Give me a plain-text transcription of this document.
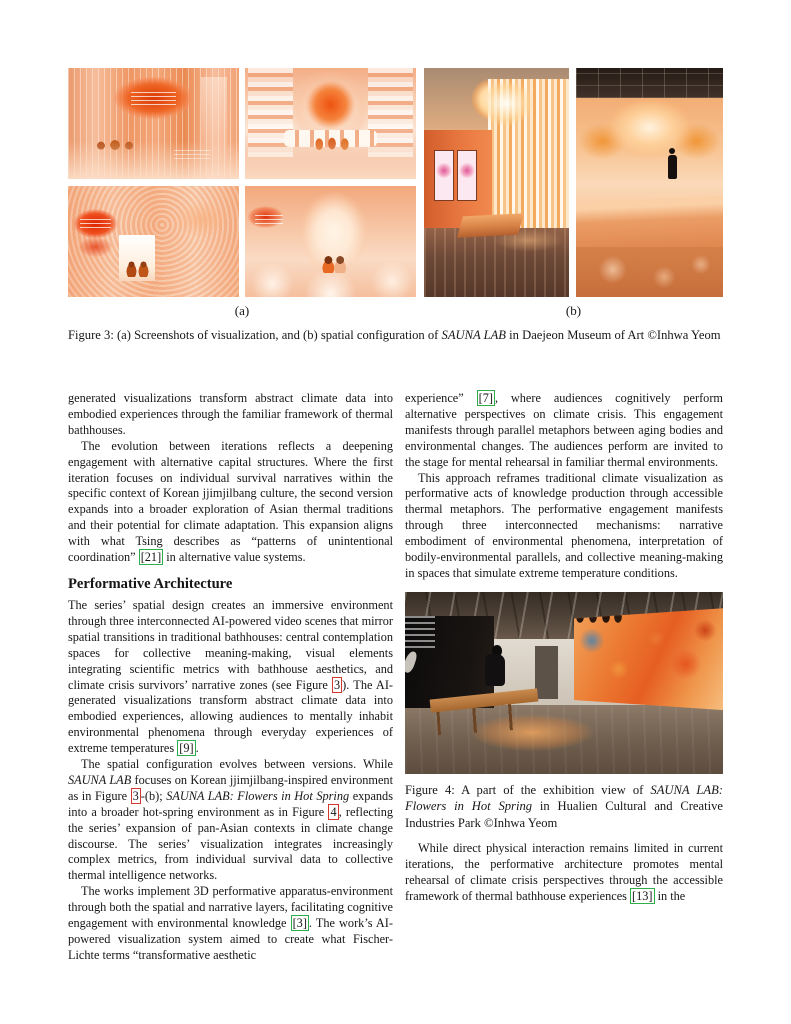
(a)	(b)
Figure 3: (a) Screenshots of visualization, and (b) spatial configuration of SAUNA LAB in Daejeon Museum of Art ©Inhwa Yeom

generated visualizations transform abstract climate data into embodied experiences through the familiar framework of thermal bathhouses.

The evolution between iterations reflects a deepening engagement with alternative capital structures. Where the first iteration focuses on individual survival narratives within the specific context of Korean jjimjilbang culture, the second version expands into a broader exploration of Asian thermal traditions and their potential for climate adaptation. This expansion aligns with what Tsing describes as “patterns of unintentional coordination” [21] in alternative value systems.

Performative Architecture

The series’ spatial design creates an immersive environment through three interconnected AI-powered video scenes that mirror spatial transitions in traditional bathhouses: central contemplation spaces for collective meaning-making, visual elements integrating scientific metrics with bathhouse aesthetics, and climate crisis survivors’ narrative zones (see Figure 3 ). The AI-generated visualizations transform abstract climate data into embodied experiences, allowing audiences to mentally inhabit environmental phenomena through everyday experiences of extreme temperatures [9] .

The spatial configuration evolves between versions. While SAUNA LAB focuses on Korean jjimjilbang-inspired environment as in Figure 3 -(b); SAUNA LAB: Flowers in Hot Spring expands into a broader hot-spring environment as in Figure 4 , reflecting the series’ expansion of pan-Asian contexts in climate change discourse. The series’ visualization integrates increasingly complex metrics, from individual survival data to collective thermal intelligence networks.

The works implement 3D performative apparatus-environment through both the spatial and narrative layers, facilitating cognitive engagement with environmental knowledge [3] . The work’s AI-powered visualization system aimed to create what Fischer-Lichte terms “transformative aesthetic

experience” [7] , where audiences cognitively perform alternative perspectives on climate crisis. This engagement manifests through parallel metaphors between aging bodies and environmental changes. The audiences perform are invited to the stage for mental rehearsal in familiar thermal environments.

This approach reframes traditional climate visualization as performative acts of knowledge production through accessible thermal metaphors. The performative engagement manifests through three interconnected mechanisms: narrative embodiment of environmental phenomena, interpretation of bodily-environmental parallels, and collective meaning-making in spaces that simulate extreme temperature conditions.

Figure 4: A part of the exhibition view of SAUNA LAB: Flowers in Hot Spring in Hualien Cultural and Creative Industries Park ©Inhwa Yeom

While direct physical interaction remains limited in current iterations, the performative architecture promotes mental rehearsal of climate crisis perspectives through the accessible framework of thermal bathhouse experiences [13] in the
